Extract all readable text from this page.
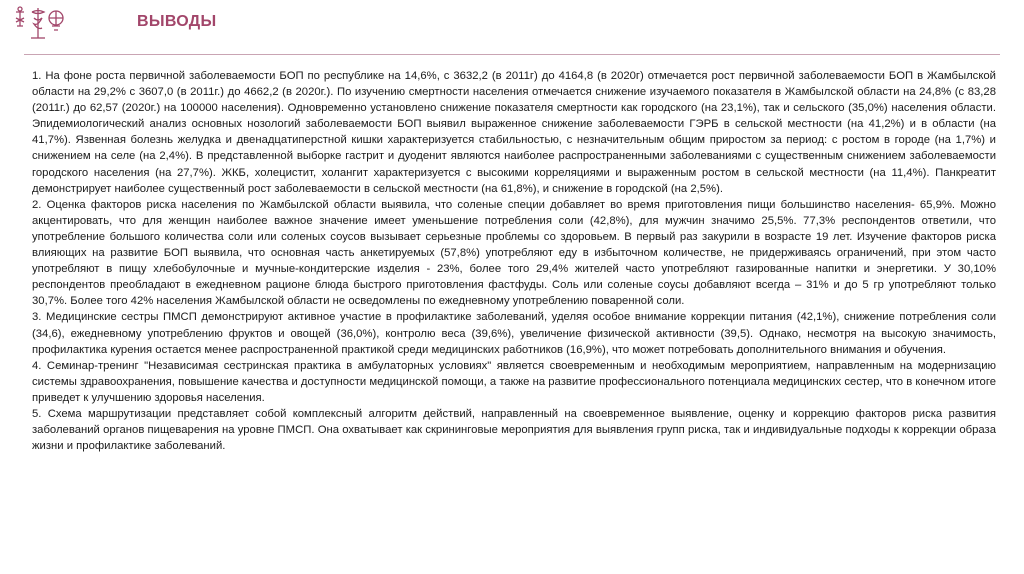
ВЫВОДЫ

1. На фоне роста первичной заболеваемости БОП по республике на 14,6%, с 3632,2 (в 2011г) до 4164,8 (в 2020г) отмечается рост первичной заболеваемости БОП в Жамбылской области на 29,2% с 3607,0 (в 2011г.) до 4662,2 (в 2020г.). По изучению смертности населения отмечается снижение изучаемого показателя в Жамбылской области на 24,8% (с 83,28 (2011г.) до 62,57 (2020г.) на 100000 населения). Одновременно установлено снижение показателя смертности как городского (на 23,1%), так и сельского (35,0%) населения области. Эпидемиологический анализ основных нозологий заболеваемости БОП выявил выраженное снижение заболеваемости ГЭРБ в сельской местности (на 41,2%) и в области (на 41,7%). Язвенная болезнь желудка и двенадцатиперстной кишки характеризуется стабильностью, с незначительным общим приростом за период: с ростом в городе (на 1,7%) и снижением на селе (на 2,4%). В представленной выборке гастрит и дуоденит являются наиболее распространенными заболеваниями с существенным снижением заболеваемости городского населения (на 27,7%). ЖКБ, холецистит, холангит характеризуется с высокими корреляциями и выраженным ростом в сельской местности (на 11,4%). Панкреатит демонстрирует наиболее существенный рост заболеваемости в сельской местности (на 61,8%), и снижение в городской (на 2,5%).

2. Оценка факторов риска населения по Жамбылской области выявила, что соленые специи добавляет во время приготовления пищи большинство населения- 65,9%. Можно акцентировать, что для женщин наиболее важное значение имеет уменьшение потребления соли (42,8%), для мужчин значимо 25,5%. 77,3% респондентов ответили, что употребление большого количества соли или соленых соусов вызывает серьезные проблемы со здоровьем. В первый раз закурили в возрасте 19 лет. Изучение факторов риска влияющих на развитие БОП выявила, что основная часть анкетируемых (57,8%) употребляют еду в избыточном количестве, не придерживаясь ограничений, при этом часто употребляют в пищу хлебобулочные и мучные-кондитерские изделия - 23%, более того 29,4% жителей часто употребляют газированные напитки и энергетики. У 30,10% респондентов преобладают в ежедневном рационе блюда быстрого приготовления фастфуды. Соль или соленые соусы добавляют всегда – 31% и до 5 гр употребляют только 30,7%. Более того 42% населения Жамбылской области не осведомлены по ежедневному употреблению поваренной соли.

3. Медицинские сестры ПМСП демонстрируют активное участие в профилактике заболеваний, уделяя особое внимание коррекции питания (42,1%), снижение потребления соли (34,6), ежедневному употреблению фруктов и овощей (36,0%), контролю веса (39,6%), увеличение физической активности (39,5). Однако, несмотря на высокую значимость, профилактика курения остается менее распространенной практикой среди медицинских работников (16,9%), что может потребовать дополнительного внимания и обучения.

4. Семинар-тренинг "Независимая сестринская практика в амбулаторных условиях" является своевременным и необходимым мероприятием, направленным на модернизацию системы здравоохранения, повышение качества и доступности медицинской помощи, а также на развитие профессионального потенциала медицинских сестер, что в конечном итоге приведет к улучшению здоровья населения.

5. Схема маршрутизации представляет собой комплексный алгоритм действий, направленный на своевременное выявление, оценку и коррекцию факторов риска развития заболеваний органов пищеварения на уровне ПМСП. Она охватывает как скрининговые мероприятия для выявления групп риска, так и индивидуальные подходы к коррекции образа жизни и профилактике заболеваний.
